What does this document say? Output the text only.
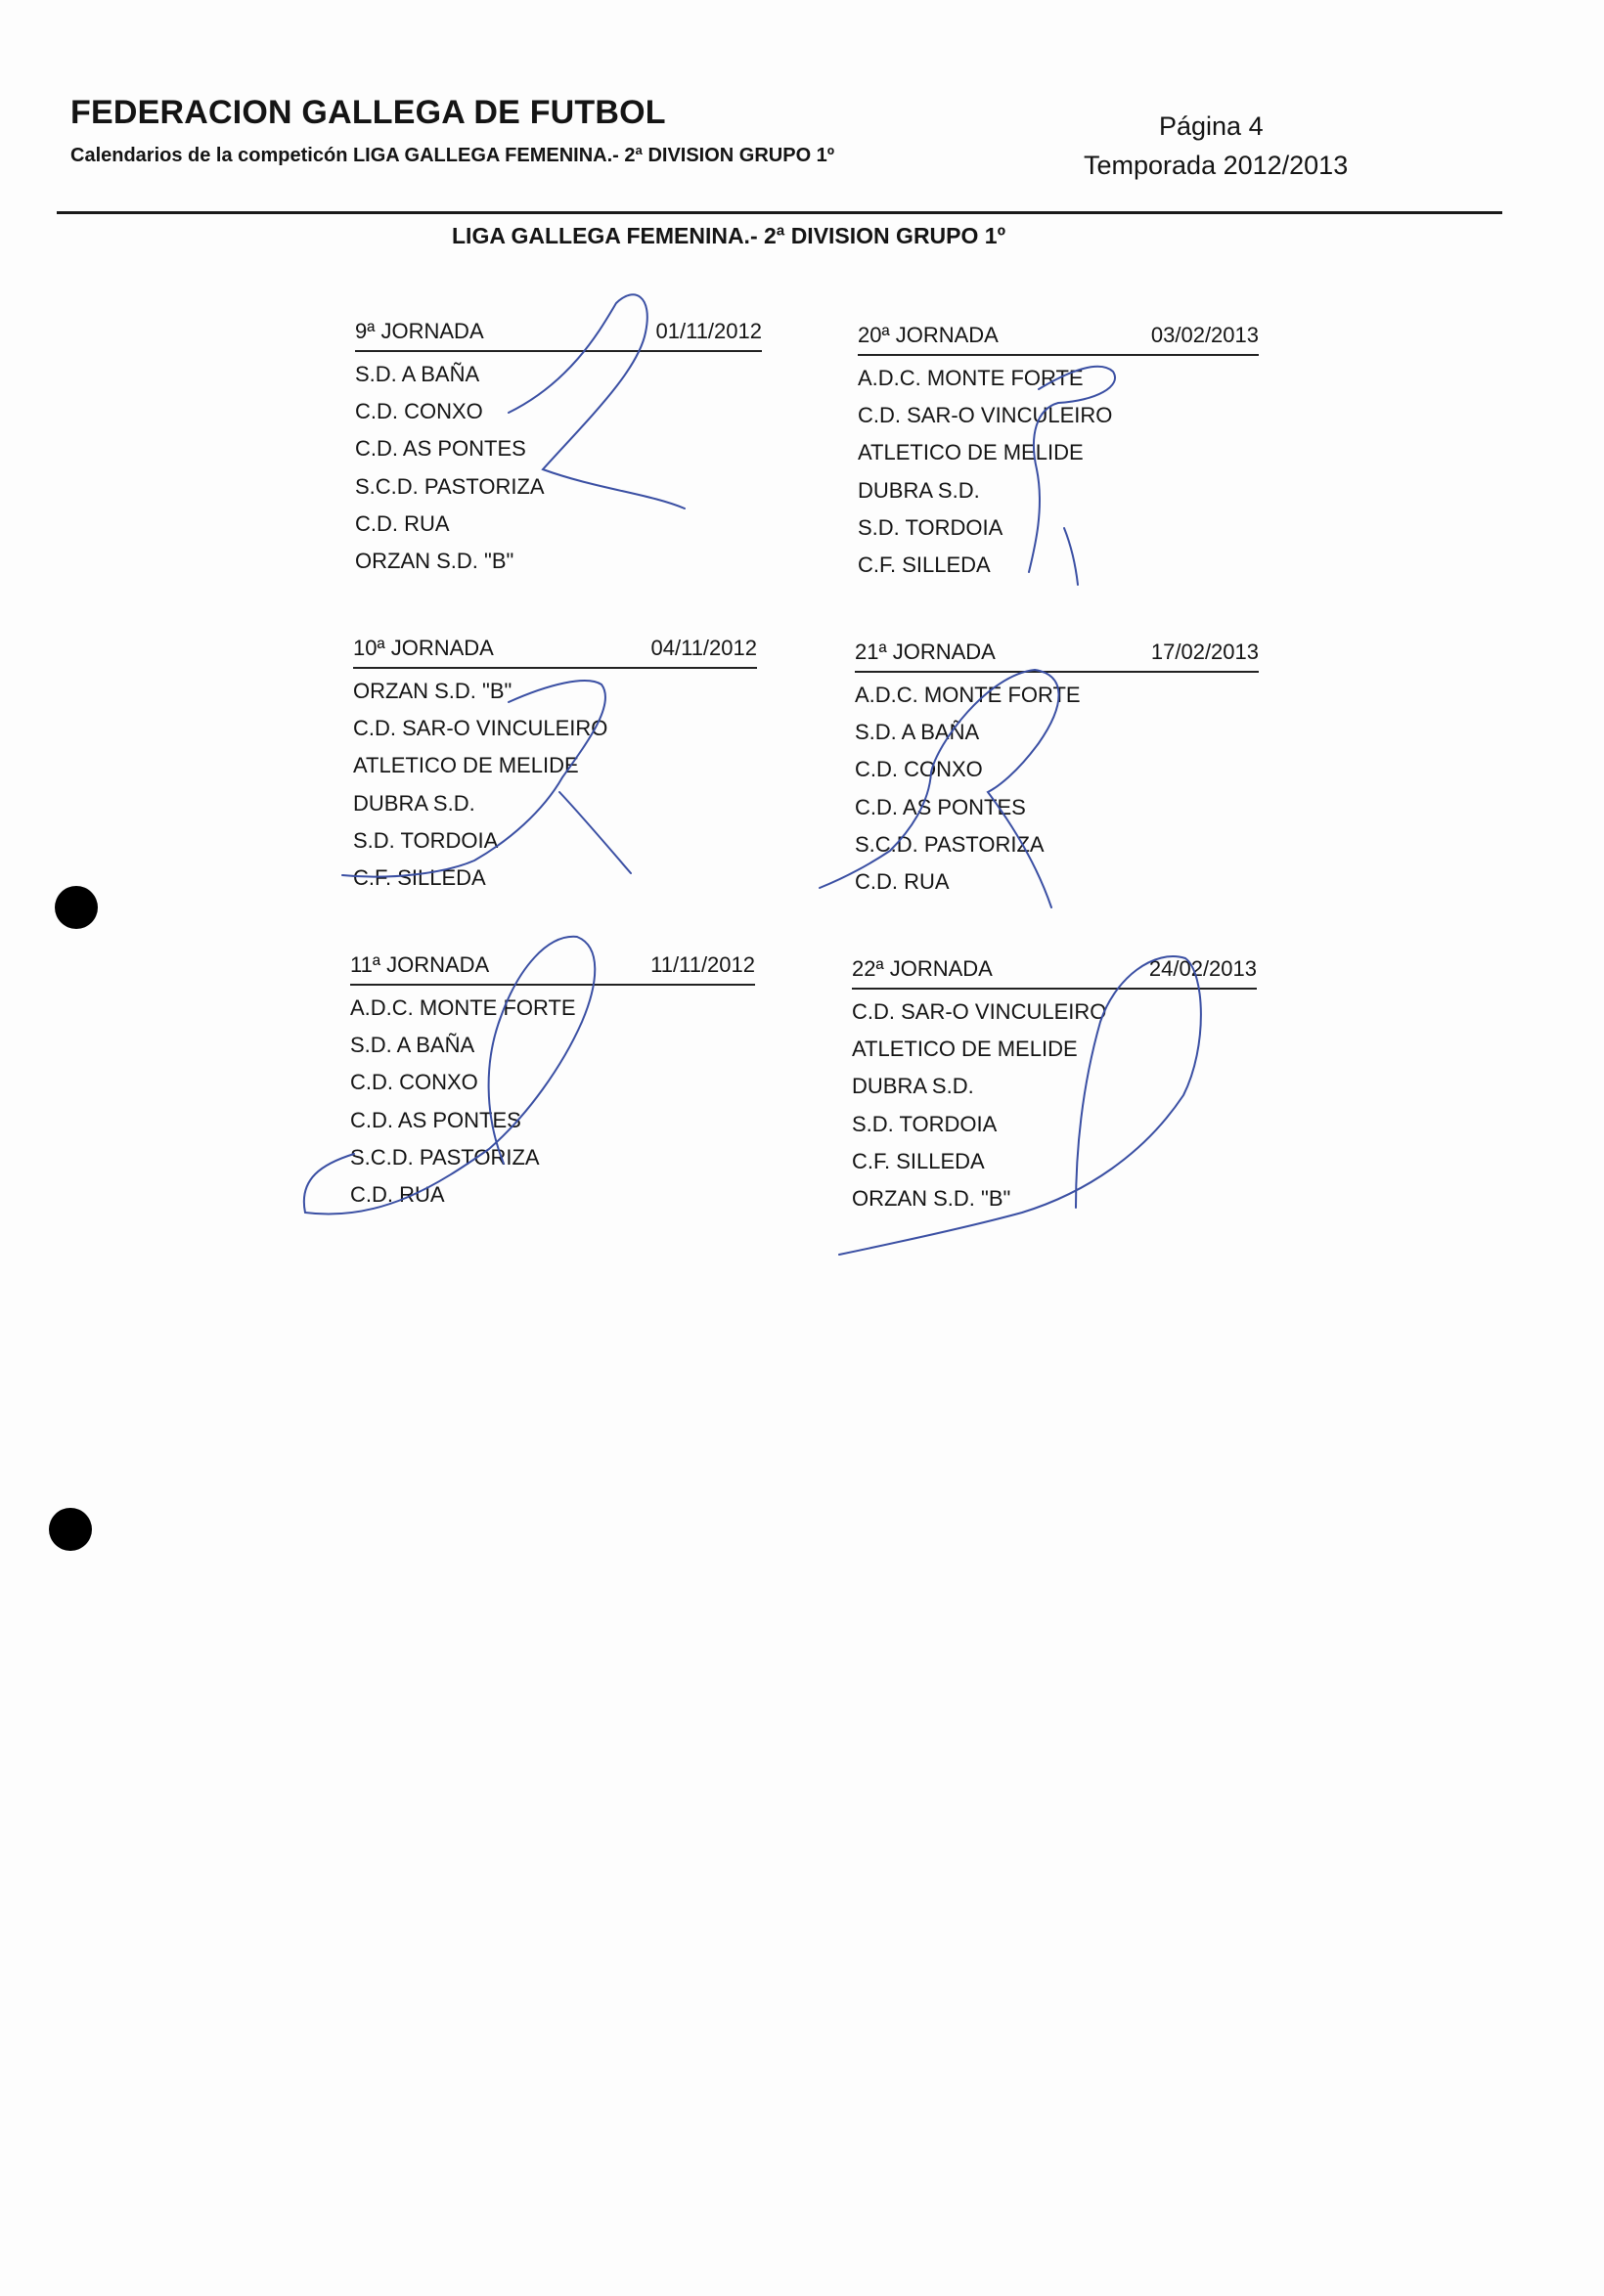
FEDERACION GALLEGA DE FUTBOL
Calendarios de la competicón LIGA GALLEGA FEMENINA.- 2ª DIVISION GRUPO 1º
Página 4
Temporada 2012/2013
LIGA GALLEGA FEMENINA.- 2ª DIVISION GRUPO 1º
9ª JORNADA	01/11/2012
S.D. A BAÑA
C.D. CONXO
C.D. AS PONTES
S.C.D. PASTORIZA
C.D. RUA
ORZAN S.D. "B"
20ª JORNADA	03/02/2013
A.D.C. MONTE FORTE
C.D. SAR-O VINCULEIRO
ATLETICO DE MELIDE
DUBRA S.D.
S.D. TORDOIA
C.F. SILLEDA
10ª JORNADA	04/11/2012
ORZAN S.D. "B"
C.D. SAR-O VINCULEIRO
ATLETICO DE MELIDE
DUBRA S.D.
S.D. TORDOIA
C.F. SILLEDA
21ª JORNADA	17/02/2013
A.D.C. MONTE FORTE
S.D. A BAÑA
C.D. CONXO
C.D. AS PONTES
S.C.D. PASTORIZA
C.D. RUA
11ª JORNADA	11/11/2012
A.D.C. MONTE FORTE
S.D. A BAÑA
C.D. CONXO
C.D. AS PONTES
S.C.D. PASTORIZA
C.D. RUA
22ª JORNADA	24/02/2013
C.D. SAR-O VINCULEIRO
ATLETICO DE MELIDE
DUBRA S.D.
S.D. TORDOIA
C.F. SILLEDA
ORZAN S.D. "B"
